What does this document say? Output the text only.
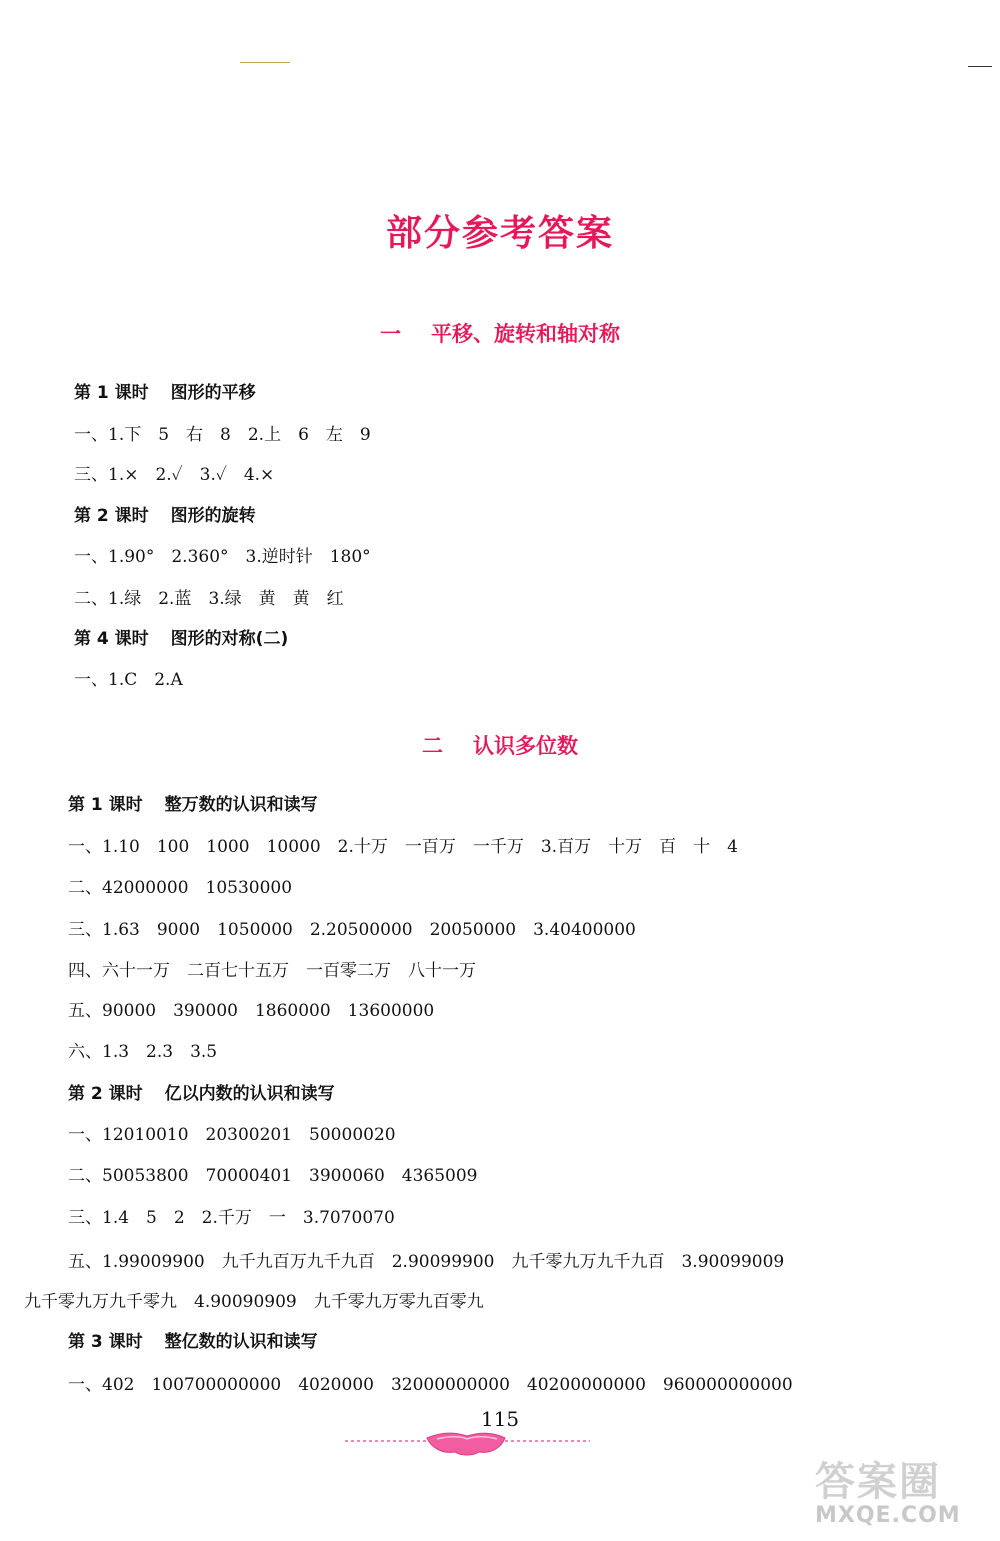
部分参考答案
一 平移、旋转和轴对称
第 1 课时 图形的平移
一、1.下　5　右　8　2.上　6　左　9
三、1.×　2.✓　3.✓　4.×
第 2 课时 图形的旋转
一、1.90°　2.360°　3.逆时针　180°
二、1.绿　2.蓝　3.绿　黄　黄　红
第 4 课时 图形的对称(二)
一、1.C　2.A
二 认识多位数
第 1 课时 整万数的认识和读写
一、1.10　100　1000　10000　2.十万　一百万　一千万　3.百万　十万　百　十　4
二、42000000　10530000
三、1.63　9000　1050000　2.20500000　20050000　3.40400000
四、六十一万　二百七十五万　一百零二万　八十一万
五、90000　390000　1860000　13600000
六、1.3　2.3　3.5
第 2 课时 亿以内数的认识和读写
一、12010010　20300201　50000020
二、50053800　70000401　3900060　4365009
三、1.4　5　2　2.千万　一　3.7070070
五、1.99009900　九千九百万九千九百　2.90099900　九千零九万九千九百　3.90099009
九千零九万九千零九　4.90090909　九千零九万零九百零九
第 3 课时 整亿数的认识和读写
一、402　100700000000　4020000　32000000000　40200000000　960000000000
115
答案圈
MXQE.COM
